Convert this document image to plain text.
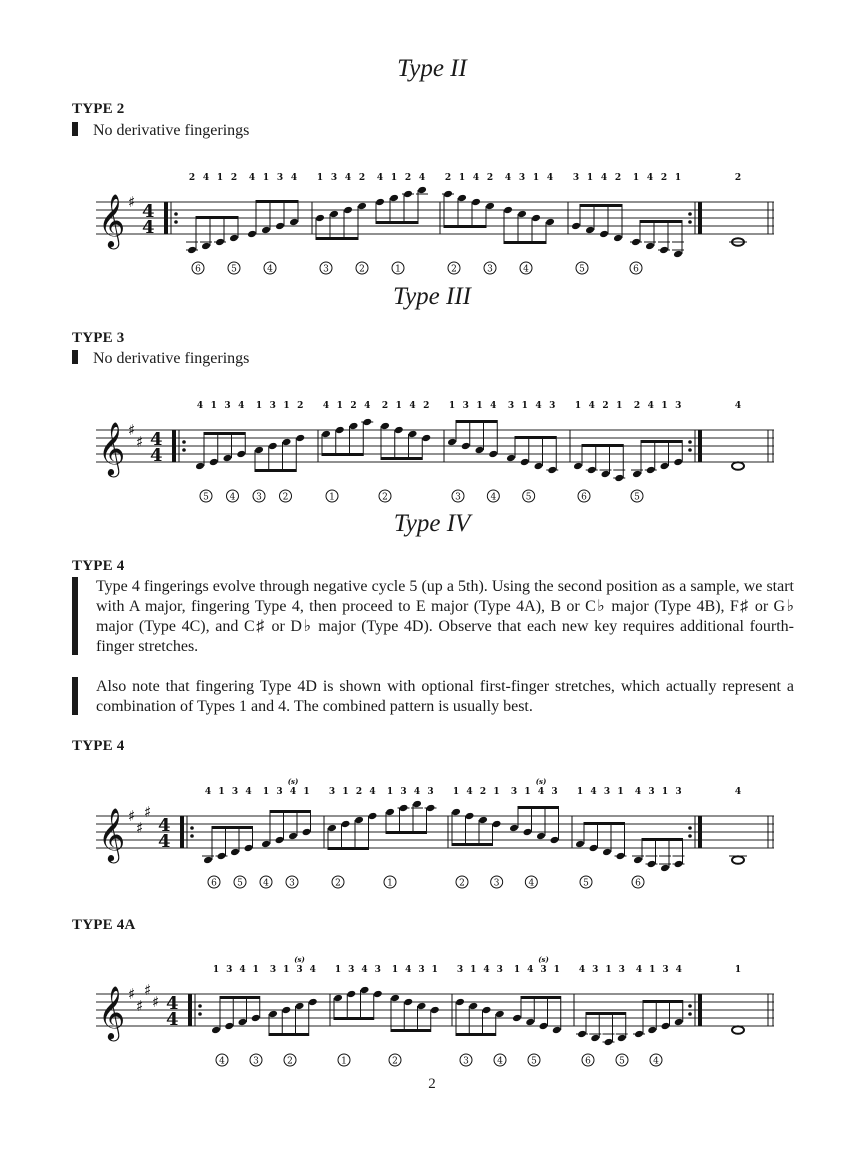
Type II
TYPE 2
No derivative fingerings
𝄞 ♯ 4
4
2 4 1 2 4 1 3 4
6	5	4
1 3 4 2 4 1 2 4
3	2	1
2 1 4 2 4 3 1 4
2	3	4
3 1 4 2 1 4 2 1
5	6
2
Type III
TYPE 3
No derivative fingerings
𝄞 ♯
♯ 4
4
4 1 3 4 1 3 1 2
5 4 3 2
4 1 2 4 2 1 4 2
1	2
1 3 1 4 3 1 4 3
3	4	5
1 4 2 1 2 4 1 3
6	5
4
Type IV
TYPE 4
Type 4 fingerings evolve through negative cycle 5 (up a 5th). Using the second position as a sample, we start with A major, fingering Type 4, then proceed to E major (Type 4A), B or C♭ major (Type 4B), F♯ or G♭ major (Type 4C), and C♯ or D♭ major (Type 4D). Observe that each new key requires additional fourth-finger stretches.
Also note that fingering Type 4D is shown with optional first-finger stretches, which actually represent a combination of Types 1 and 4. The combined pattern is usually best.
TYPE 4
𝄞 ♯
♯
♯
4
4
4 1 3 4 1 3 4 1
6 5 4 3
(s)
3 1 2 4 1 3 4 3
2	1
1 4 2 1 3 1 4 3
2	3	4
(s)
1 4 3 1 4 3 1 3
5	6
4
TYPE 4A
𝄞 ♯
♯
♯
♯ 4
4
1 3 4 1 3 1 3 4
4	3	2
(s)
1 3 4 3 1 4 3 1
1	2
3 1 4 3 1 4 3 1
3	4	5
(s)
4 3 1 3 4 1 3 4
6	5	4
1
2
